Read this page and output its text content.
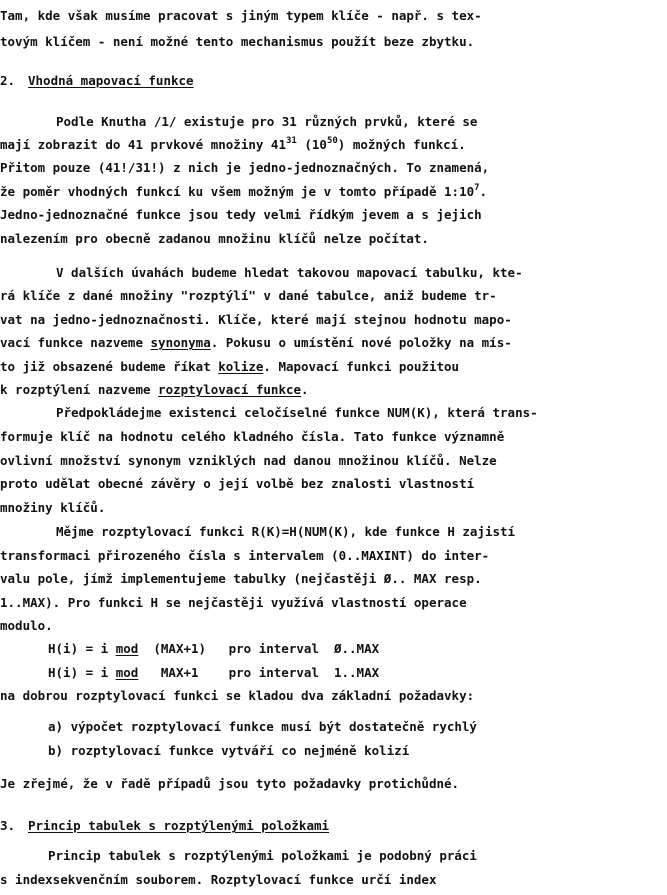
Tam, kde však musíme pracovat s jiným typem klíče - např. s tex-
tovým klíčem - není možné tento mechanismus použít beze zbytku.
2. Vhodná mapovací funkce
Podle Knutha /1/ existuje pro 31 různých prvků, které se
mají zobrazit do 41 prvkové množiny $41^{31}$ $(10^{50})$ možných funkcí.
Přitom pouze (41!/31!) z nich je jedno-jednoznačných. To znamená,
že poměr vhodných funkcí ku všem možným je v tomto případě $1:10^7$.
Jedno-jednoznačné funkce jsou tedy velmi řídkým jevem a s jejich
nalezením pro obecně zadanou množinu klíčů nelze počítat.
V dalších úvahách budeme hledat takovou mapovací tabulku, kte-
rá klíče z dané množiny "rozptýlí" v dané tabulce, aniž budeme tr-
vat na jedno-jednoznačnosti. Klíče, které mají stejnou hodnotu mapo-
vací funkce nazveme synonyma. Pokusu o umístění nové položky na mís-
to již obsazené budeme říkat kolize. Mapovací funkci použitou
k rozptýlení nazveme rozptylovací funkce.
Předpokládejme existenci celočíselné funkce NUM(K), která trans-
formuje klíč na hodnotu celého kladného čísla. Tato funkce významně
ovlivní množství synonym vzniklých nad danou množinou klíčů. Nelze
proto udělat obecné závěry o její volbě bez znalosti vlastností
množiny klíčů.
Mějme rozptylovací funkci R(K)=H(NUM(K), kde funkce H zajistí
transformaci přirozeného čísla s intervalem (0..MAXINT) do inter-
valu pole, jímž implementujeme tabulky (nejčastěji Ø.. MAX resp.
1..MAX). Pro funkci H se nejčastěji využívá vlastností operace
modulo.
H(i) = i mod  (MAX+1)   pro interval  Ø..MAX
H(i) = i mod   MAX+1    pro interval  1..MAX
na dobrou rozptylovací funkci se kladou dva základní požadavky:
a) výpočet rozptylovací funkce musí být dostatečně rychlý
b) rozptylovací funkce vytváří co nejméně kolizí
Je zřejmé, že v řadě případů jsou tyto požadavky protichůdné.
3. Princip tabulek s rozptýlenými položkami
Princip tabulek s rozptýlenými položkami je podobný práci
s indexsekvenčním souborem. Rozptylovací funkce určí index
